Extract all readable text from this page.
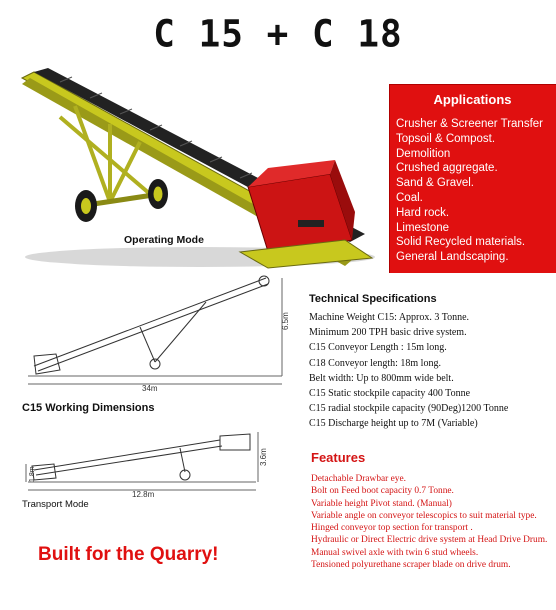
C 15 + C 18
Applications
Crusher & Screener Transfer
Topsoil & Compost.
Demolition
Crushed aggregate.
Sand & Gravel.
Coal.
Hard rock.
Limestone
Solid Recycled materials.
General Landscaping.
Operating Mode
6.5m
34m
C15 Working Dimensions
3.6m
1.8m
12.8m
Transport Mode
Technical Specifications
Machine Weight C15: Approx. 3 Tonne.
Minimum 200 TPH basic drive system.
C15 Conveyor Length : 15m long.
C18 Conveyor length: 18m long.
Belt width: Up to 800mm wide belt.
C15 Static stockpile capacity 400 Tonne
C15 radial stockpile capacity (90Deg)1200 Tonne
C15 Discharge height up to 7M (Variable)
Features
Detachable Drawbar eye.
Bolt on Feed boot capacity 0.7 Tonne.
Variable height Pivot stand. (Manual)
Variable angle on conveyor telescopics to suit material type.
Hinged conveyor top section for transport .
Hydraulic or Direct Electric drive system at Head Drive Drum.
Manual swivel axle with twin 6 stud wheels.
Tensioned polyurethane scraper blade on drive drum.
Built for the Quarry!
